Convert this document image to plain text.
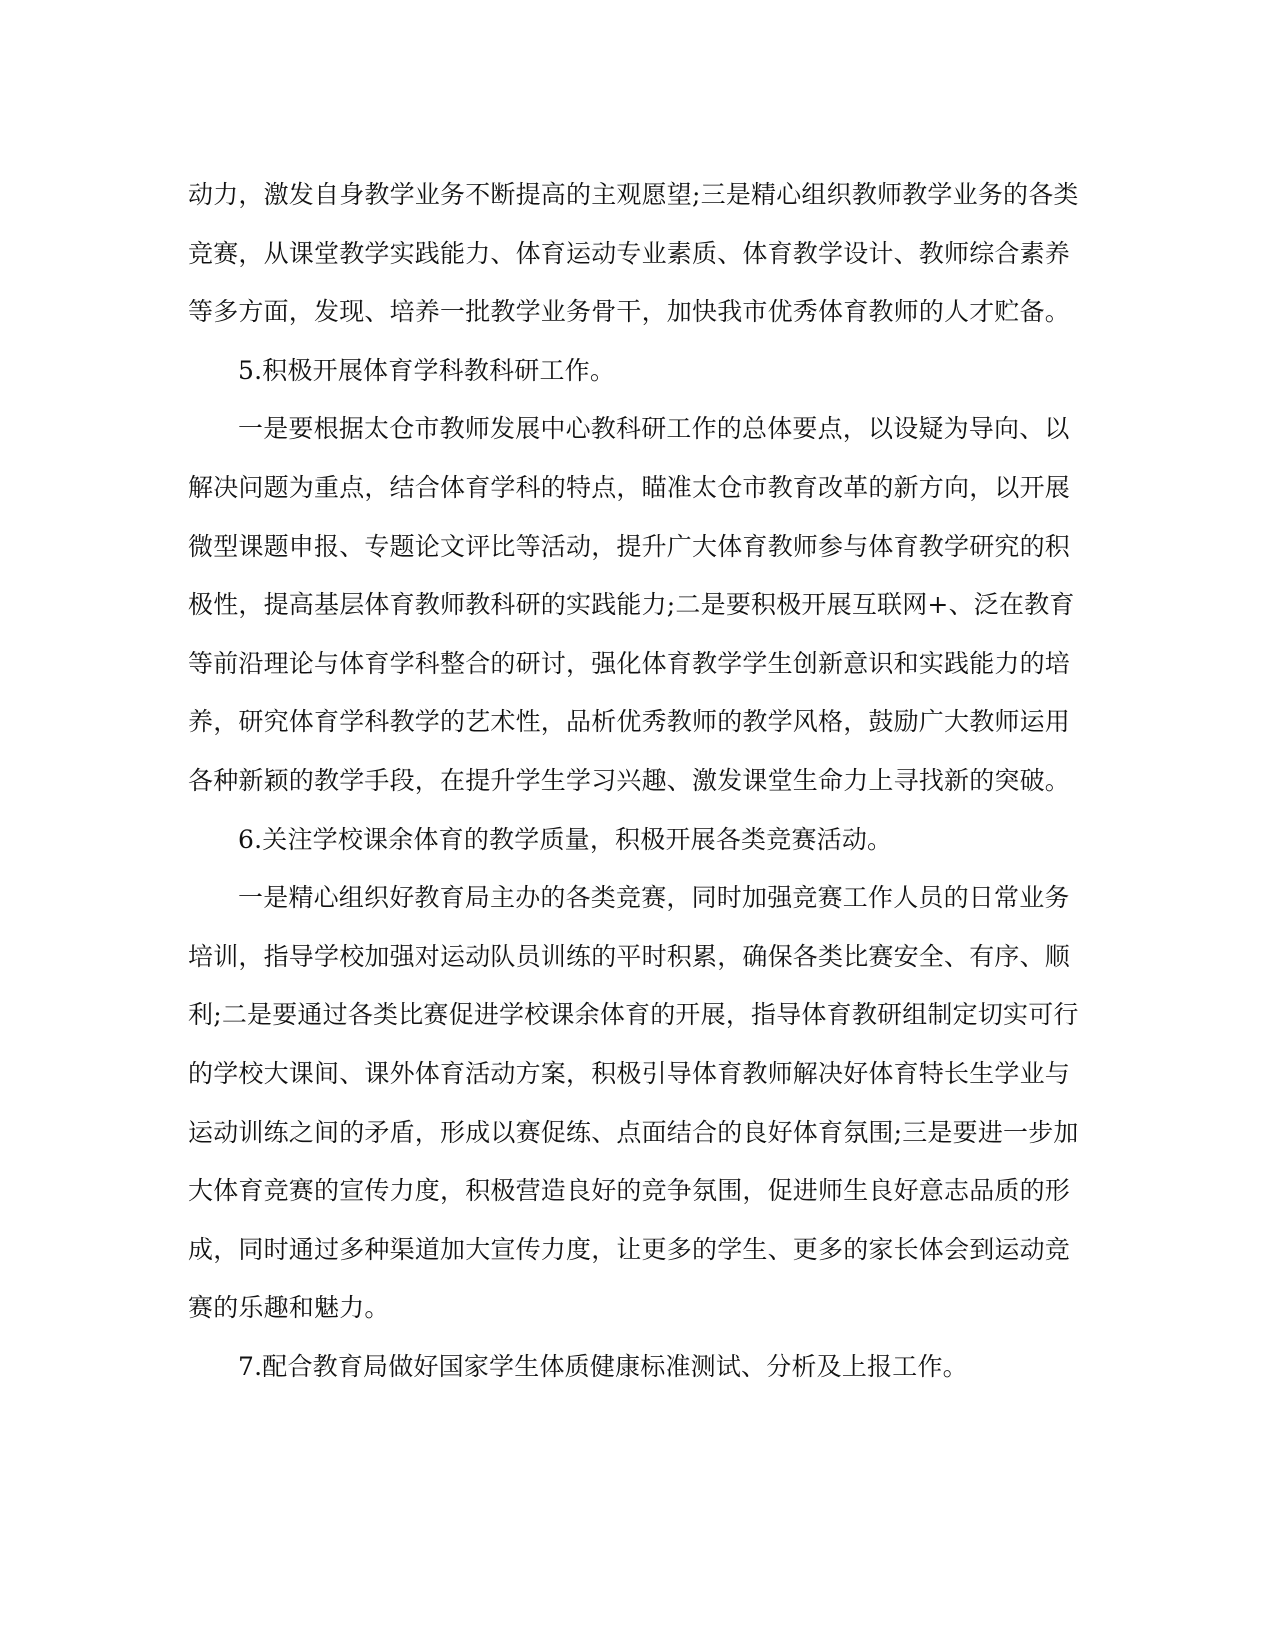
动力，激发自身教学业务不断提高的主观愿望;三是精心组织教师教学业务的各类
竞赛，从课堂教学实践能力、体育运动专业素质、体育教学设计、教师综合素养
等多方面，发现、培养一批教学业务骨干，加快我市优秀体育教师的人才贮备。
5.积极开展体育学科教科研工作。
一是要根据太仓市教师发展中心教科研工作的总体要点，以设疑为导向、以
解决问题为重点，结合体育学科的特点，瞄准太仓市教育改革的新方向，以开展
微型课题申报、专题论文评比等活动，提升广大体育教师参与体育教学研究的积
极性，提高基层体育教师教科研的实践能力;二是要积极开展互联网+、泛在教育
等前沿理论与体育学科整合的研讨，强化体育教学学生创新意识和实践能力的培
养，研究体育学科教学的艺术性，品析优秀教师的教学风格，鼓励广大教师运用
各种新颖的教学手段，在提升学生学习兴趣、激发课堂生命力上寻找新的突破。
6.关注学校课余体育的教学质量，积极开展各类竞赛活动。
一是精心组织好教育局主办的各类竞赛，同时加强竞赛工作人员的日常业务
培训，指导学校加强对运动队员训练的平时积累，确保各类比赛安全、有序、顺
利;二是要通过各类比赛促进学校课余体育的开展，指导体育教研组制定切实可行
的学校大课间、课外体育活动方案，积极引导体育教师解决好体育特长生学业与
运动训练之间的矛盾，形成以赛促练、点面结合的良好体育氛围;三是要进一步加
大体育竞赛的宣传力度，积极营造良好的竞争氛围，促进师生良好意志品质的形
成，同时通过多种渠道加大宣传力度，让更多的学生、更多的家长体会到运动竞
赛的乐趣和魅力。
7.配合教育局做好国家学生体质健康标准测试、分析及上报工作。
